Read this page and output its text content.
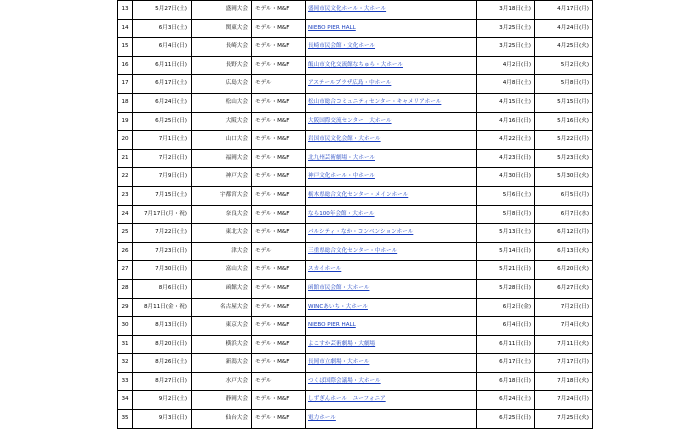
13	5月27日(土)	盛岡大会	モデル・M&F	盛岡市民文化ホール・大ホール	3月18日(土)	4月17日(月)
14	6月3日(土)	関東大会	モデル・M&F	NIEBO PIER HALL	3月25日(土)	4月24日(月)
15	6月4日(日)	長崎大会	モデル・M&F	長崎市民会館・文化ホール	3月25日(土)	4月25日(火)
16	6月11日(日)	長野大会	モデル・M&F	飯山市文化交流館なちゅら・大ホール	4月2日(日)	5月2日(火)
17	6月17日(土)	広島大会	モデル	アステールプラザ広島・中ホール	4月8日(土)	5月8日(月)
18	6月24日(土)	松山大会	モデル・M&F	松山市総合コミュニティセンター・キャメリアホール	4月15日(土)	5月15日(月)
19	6月25日(日)	大阪大会	モデル・M&F	大阪国際交流センター　大ホール	4月16日(日)	5月16日(火)
20	7月1日(土)	山口大会	モデル・M&F	岩国市民文化会館・大ホール	4月22日(土)	5月22日(月)
21	7月2日(日)	福岡大会	モデル・M&F	北九州芸術劇場・大ホール	4月23日(日)	5月23日(火)
22	7月9日(日)	神戸大会	モデル・M&F	神戸文化ホール・中ホール	4月30日(日)	5月30日(火)
23	7月15日(土)	宇都宮大会	モデル・M&F	栃木県総合文化センター・メインホール	5月6日(土)	6月5日(月)
24	7月17日(月・祝)	奈良大会	モデル・M&F	なら100年会館・大ホール	5月8日(月)	6月7日(水)
25	7月22日(土)	東北大会	モデル・M&F	パルシティ・なか・コンベンションホール	5月13日(土)	6月12日(月)
26	7月23日(日)	津大会	モデル	三重県総合文化センター・中ホール	5月14日(日)	6月13日(火)
27	7月30日(日)	富山大会	モデル・M&F	スカイホール	5月21日(日)	6月20日(火)
28	8月6日(日)	函館大会	モデル・M&F	函館市民会館・大ホール	5月28日(日)	6月27日(火)
29	8月11日(金・祝)	名古屋大会	モデル・M&F	WINCあいち・大ホール	6月2日(金)	7月2日(日)
30	8月13日(日)	東京大会	モデル・M&F	NIEBO PIER HALL	6月4日(日)	7月4日(火)
31	8月20日(日)	横浜大会	モデル・M&F	よこすか芸術劇場・大劇場	6月11日(日)	7月11日(火)
32	8月26日(土)	新潟大会	モデル・M&F	長岡市立劇場・大ホール	6月17日(土)	7月17日(月)
33	8月27日(日)	水戸大会	モデル	つくば国際会議場・大ホール	6月18日(日)	7月18日(火)
34	9月2日(土)	静岡大会	モデル・M&F	しずぎんホール　ユーフォニア	6月24日(土)	7月24日(月)
35	9月3日(日)	仙台大会	モデル・M&F	電力ホール	6月25日(日)	7月25日(火)
